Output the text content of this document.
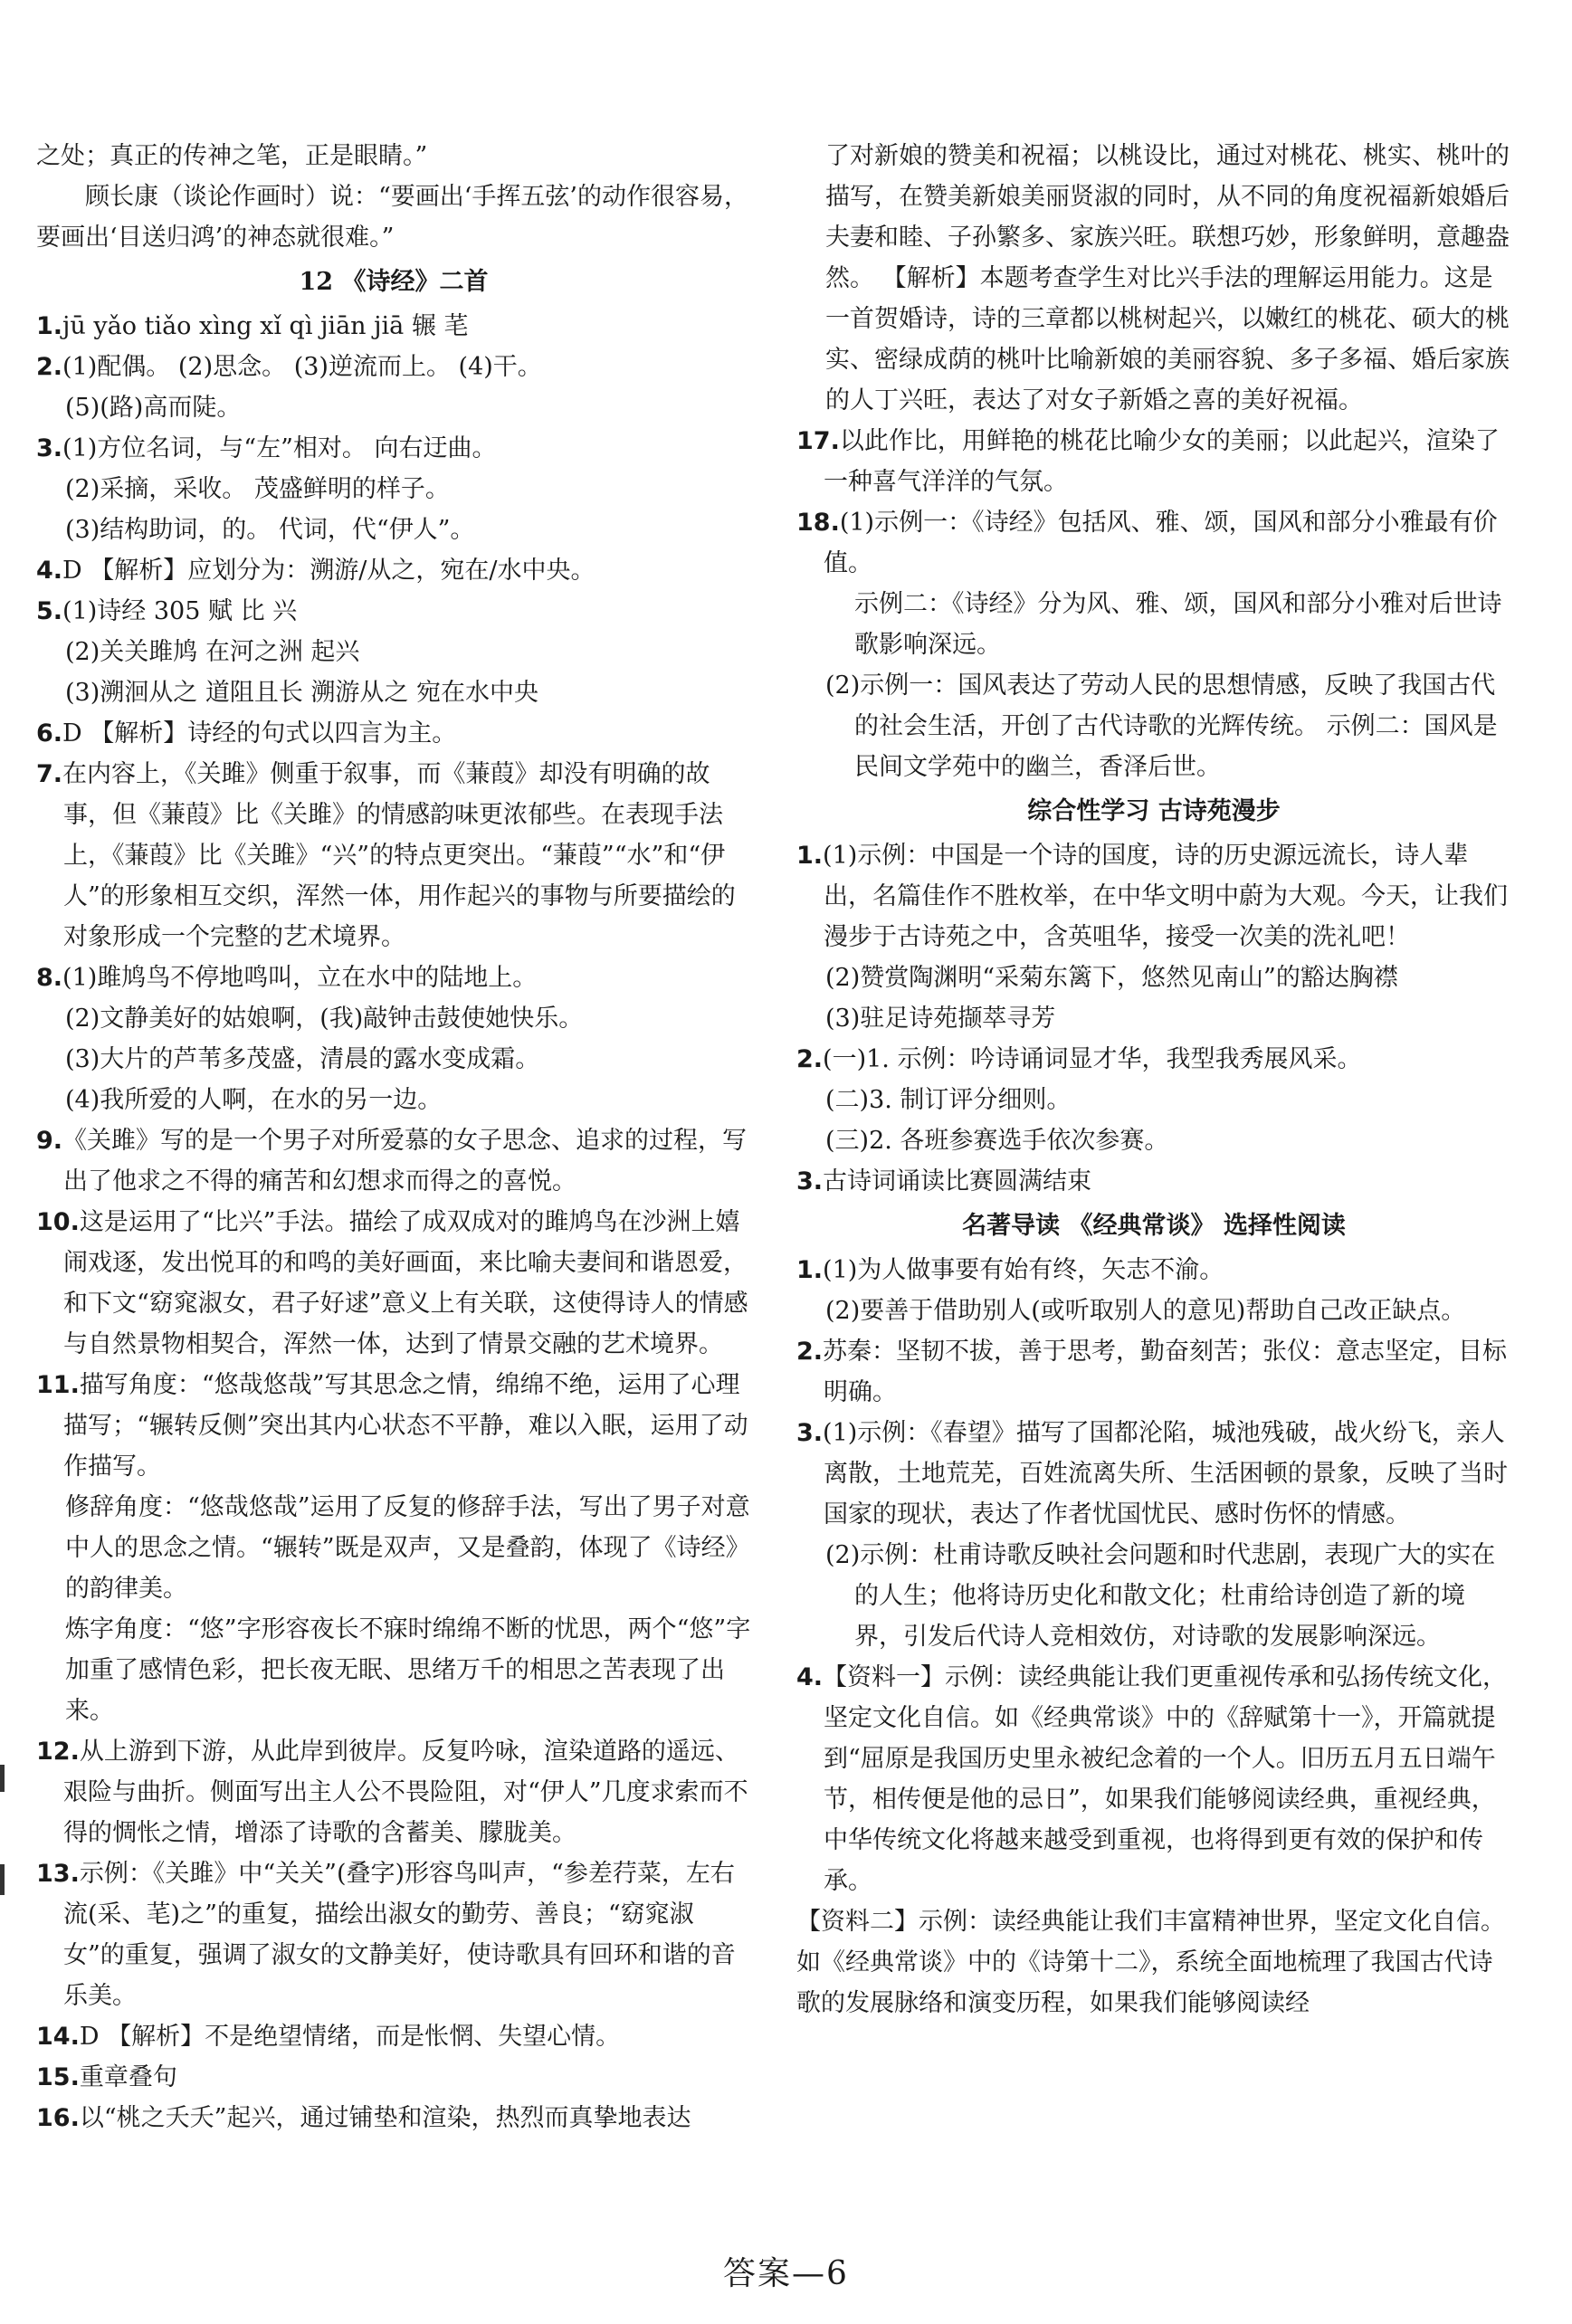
之处；真正的传神之笔，正是眼睛。”

顾长康（谈论作画时）说：“要画出‘手挥五弦’的动作很容易，要画出‘目送归鸿’的神态就很难。”

12 《诗经》二首

1.jū yǎo tiǎo xìng xǐ qì jiān jiā 辗 芼

2.(1)配偶。 (2)思念。 (3)逆流而上。 (4)干。

(5)(路)高而陡。

3.(1)方位名词，与“左”相对。 向右迂曲。

(2)采摘，采收。 茂盛鲜明的样子。

(3)结构助词，的。 代词，代“伊人”。

4.D 【解析】应划分为：溯游/从之，宛在/水中央。

5.(1)诗经 305 赋 比 兴

(2)关关雎鸠 在河之洲 起兴

(3)溯洄从之 道阻且长 溯游从之 宛在水中央

6.D 【解析】诗经的句式以四言为主。

7.在内容上，《关雎》侧重于叙事，而《蒹葭》却没有明确的故事，但《蒹葭》比《关雎》的情感韵味更浓郁些。在表现手法上，《蒹葭》比《关雎》“兴”的特点更突出。“蒹葭”“水”和“伊人”的形象相互交织，浑然一体，用作起兴的事物与所要描绘的对象形成一个完整的艺术境界。

8.(1)雎鸠鸟不停地鸣叫，立在水中的陆地上。

(2)文静美好的姑娘啊，(我)敲钟击鼓使她快乐。

(3)大片的芦苇多茂盛，清晨的露水变成霜。

(4)我所爱的人啊，在水的另一边。

9.《关雎》写的是一个男子对所爱慕的女子思念、追求的过程，写出了他求之不得的痛苦和幻想求而得之的喜悦。

10.这是运用了“比兴”手法。描绘了成双成对的雎鸠鸟在沙洲上嬉闹戏逐，发出悦耳的和鸣的美好画面，来比喻夫妻间和谐恩爱，和下文“窈窕淑女，君子好逑”意义上有关联，这使得诗人的情感与自然景物相契合，浑然一体，达到了情景交融的艺术境界。

11.描写角度：“悠哉悠哉”写其思念之情，绵绵不绝，运用了心理描写；“辗转反侧”突出其内心状态不平静，难以入眠，运用了动作描写。

修辞角度：“悠哉悠哉”运用了反复的修辞手法，写出了男子对意中人的思念之情。“辗转”既是双声，又是叠韵，体现了《诗经》的韵律美。

炼字角度：“悠”字形容夜长不寐时绵绵不断的忧思，两个“悠”字加重了感情色彩，把长夜无眠、思绪万千的相思之苦表现了出来。

12.从上游到下游，从此岸到彼岸。反复吟咏，渲染道路的遥远、艰险与曲折。侧面写出主人公不畏险阻，对“伊人”几度求索而不得的惆怅之情，增添了诗歌的含蓄美、朦胧美。

13.示例：《关雎》中“关关”(叠字)形容鸟叫声，“参差荇菜，左右流(采、芼)之”的重复，描绘出淑女的勤劳、善良；“窈窕淑女”的重复，强调了淑女的文静美好，使诗歌具有回环和谐的音乐美。

14.D 【解析】不是绝望情绪，而是怅惘、失望心情。

15.重章叠句

16.以“桃之夭夭”起兴，通过铺垫和渲染，热烈而真挚地表达

了对新娘的赞美和祝福；以桃设比，通过对桃花、桃实、桃叶的描写，在赞美新娘美丽贤淑的同时，从不同的角度祝福新娘婚后夫妻和睦、子孙繁多、家族兴旺。联想巧妙，形象鲜明，意趣盎然。 【解析】本题考查学生对比兴手法的理解运用能力。这是一首贺婚诗，诗的三章都以桃树起兴，以嫩红的桃花、硕大的桃实、密绿成荫的桃叶比喻新娘的美丽容貌、多子多福、婚后家族的人丁兴旺，表达了对女子新婚之喜的美好祝福。

17.以此作比，用鲜艳的桃花比喻少女的美丽；以此起兴，渲染了一种喜气洋洋的气氛。

18.(1)示例一：《诗经》包括风、雅、颂，国风和部分小雅最有价值。

示例二：《诗经》分为风、雅、颂，国风和部分小雅对后世诗歌影响深远。

(2)示例一：国风表达了劳动人民的思想情感，反映了我国古代的社会生活，开创了古代诗歌的光辉传统。 示例二：国风是民间文学苑中的幽兰，香泽后世。

综合性学习 古诗苑漫步

1.(1)示例：中国是一个诗的国度，诗的历史源远流长，诗人辈出，名篇佳作不胜枚举，在中华文明中蔚为大观。今天，让我们漫步于古诗苑之中，含英咀华，接受一次美的洗礼吧！

(2)赞赏陶渊明“采菊东篱下，悠然见南山”的豁达胸襟

(3)驻足诗苑撷萃寻芳

2.(一)1. 示例：吟诗诵词显才华，我型我秀展风采。

(二)3. 制订评分细则。

(三)2. 各班参赛选手依次参赛。

3.古诗词诵读比赛圆满结束

名著导读 《经典常谈》 选择性阅读

1.(1)为人做事要有始有终，矢志不渝。

(2)要善于借助别人(或听取别人的意见)帮助自己改正缺点。

2.苏秦：坚韧不拔，善于思考，勤奋刻苦；张仪：意志坚定，目标明确。

3.(1)示例：《春望》描写了国都沦陷，城池残破，战火纷飞，亲人离散，土地荒芜，百姓流离失所、生活困顿的景象，反映了当时国家的现状，表达了作者忧国忧民、感时伤怀的情感。

(2)示例：杜甫诗歌反映社会问题和时代悲剧，表现广大的实在的人生；他将诗历史化和散文化；杜甫给诗创造了新的境界，引发后代诗人竞相效仿，对诗歌的发展影响深远。

4.【资料一】示例：读经典能让我们更重视传承和弘扬传统文化，坚定文化自信。如《经典常谈》中的《辞赋第十一》，开篇就提到“屈原是我国历史里永被纪念着的一个人。旧历五月五日端午节，相传便是他的忌日”，如果我们能够阅读经典，重视经典，中华传统文化将越来越受到重视，也将得到更有效的保护和传承。

【资料二】示例：读经典能让我们丰富精神世界，坚定文化自信。如《经典常谈》中的《诗第十二》，系统全面地梳理了我国古代诗歌的发展脉络和演变历程，如果我们能够阅读经

答案—6
